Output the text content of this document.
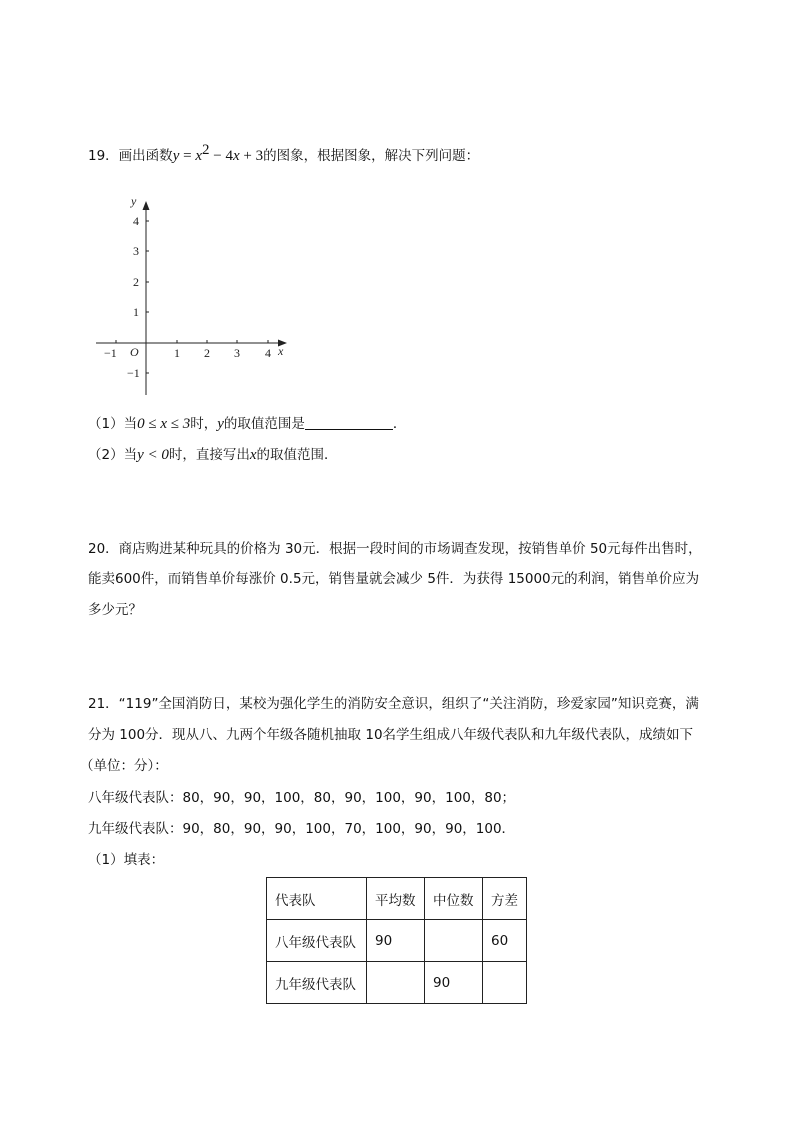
19．画出函数$y = x^2 - 4x + 3$的图象，根据图象，解决下列问题：
y
x
O
−1	1 2 3 4
4
3
2
1
−1
（1）当0 ≤ x ≤ 3时，y的取值范围是	．
（2）当y < 0时，直接写出x的取值范围．
20．商店购进某种玩具的价格为 30元．根据一段时间的市场调查发现，按销售单价 50元每件出售时，
能卖600件，而销售单价每涨价 0.5元，销售量就会减少 5件．为获得 15000元的利润，销售单价应为
多少元？
21．“119”全国消防日，某校为强化学生的消防安全意识，组织了“关注消防，珍爱家园”知识竞赛，满
分为 100分．现从八、九两个年级各随机抽取 10名学生组成八年级代表队和九年级代表队，成绩如下
（单位：分）：
八年级代表队：80，90，90，100，80，90，100，90，100，80；
九年级代表队：90，80，90，90，100，70，100，90，90，100．
（1）填表：
代表队	平均数	中位数	方差
八年级代表队	90		60
九年级代表队		90	
